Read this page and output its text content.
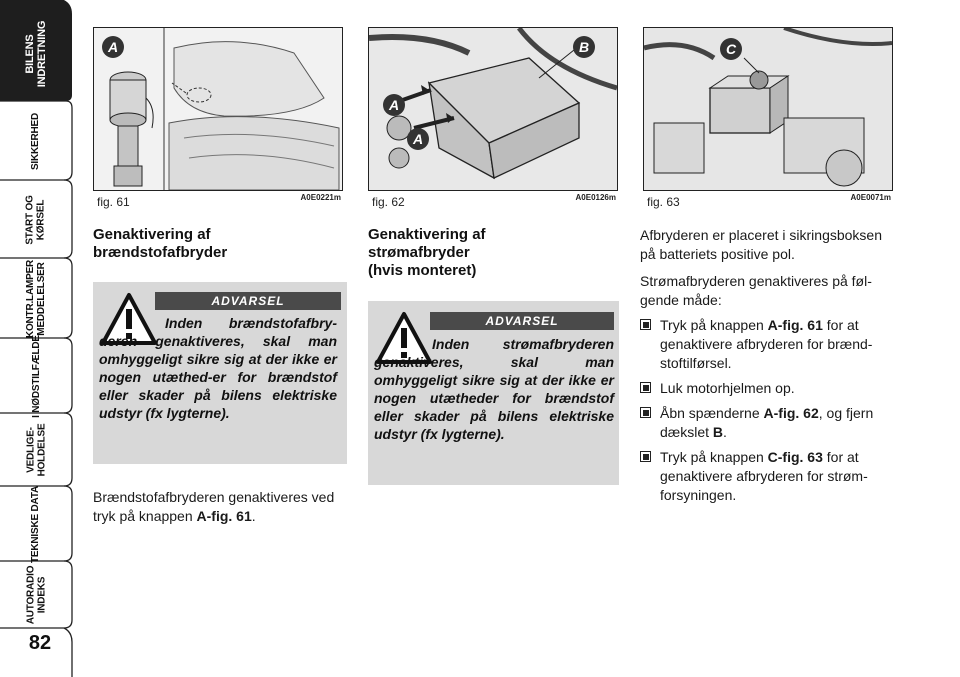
BILENS
INDRETNING
SIKKERHED
START OG
KØRSEL
KONTR.LAMPER
MEDDELELSER
I NØDSTILFÆLDE
VEDLIGE-
HOLDELSE
TEKNISKE DATA
AUTORADIO
INDEKS
82
A
fig. 61	A0E0221m
A
A
B
fig. 62	A0E0126m
C
fig. 63	A0E0071m
Genaktivering af
brændstofafbryder
ADVARSEL
Inden brændstofafbry-deren genaktiveres, skal man omhyggeligt sikre sig at der ikke er nogen utæthed-er for brændstof eller skader på bilens elektriske udstyr (fx lygterne).
Brændstofafbryderen genaktiveres ved tryk på knappen A-fig. 61.
Genaktivering af
strømafbryder
(hvis monteret)
ADVARSEL
Inden strømafbryderen genaktiveres, skal man omhyggeligt sikre sig at der ikke er nogen utætheder for brændstof eller skader på bilens elektriske udstyr (fx lygterne).
Afbryderen er placeret i sikringsboksen på batteriets positive pol.
Strømafbryderen genaktiveres på føl-gende måde:
Tryk på knappen A-fig. 61 for at genaktivere afbryderen for brænd-stoftilførsel.
Luk motorhjelmen op.
Åbn spænderne A-fig. 62, og fjern dækslet B.
Tryk på knappen C-fig. 63 for at genaktivere afbryderen for strøm-forsyningen.
